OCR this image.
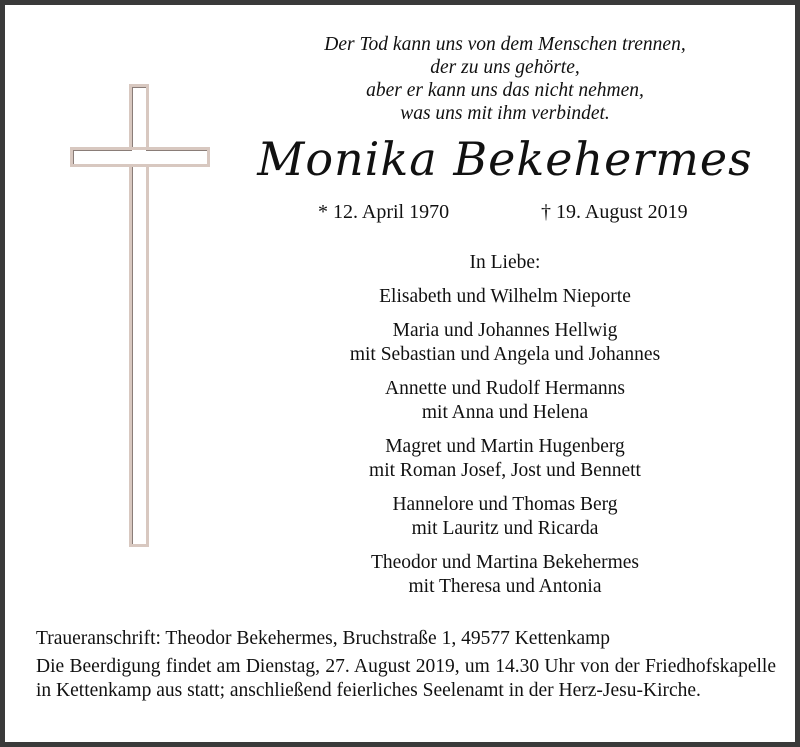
Der Tod kann uns von dem Menschen trennen,
der zu uns gehörte,
aber er kann uns das nicht nehmen,
was uns mit ihm verbindet.
Monika Bekehermes
* 12. April 1970	† 19. August 2019
In Liebe:
Elisabeth und Wilhelm Nieporte
Maria und Johannes Hellwig
mit Sebastian und Angela und Johannes
Annette und Rudolf Hermanns
mit Anna und Helena
Magret und Martin Hugenberg
mit Roman Josef, Jost und Bennett
Hannelore und Thomas Berg
mit Lauritz und Ricarda
Theodor und Martina Bekehermes
mit Theresa und Antonia
Traueranschrift: Theodor Bekehermes, Bruchstraße 1, 49577 Kettenkamp
Die Beerdigung findet am Dienstag, 27. August 2019, um 14.30 Uhr von der Friedhofskapelle in Kettenkamp aus statt; anschließend feierliches Seelenamt in der Herz-Jesu-Kirche.
